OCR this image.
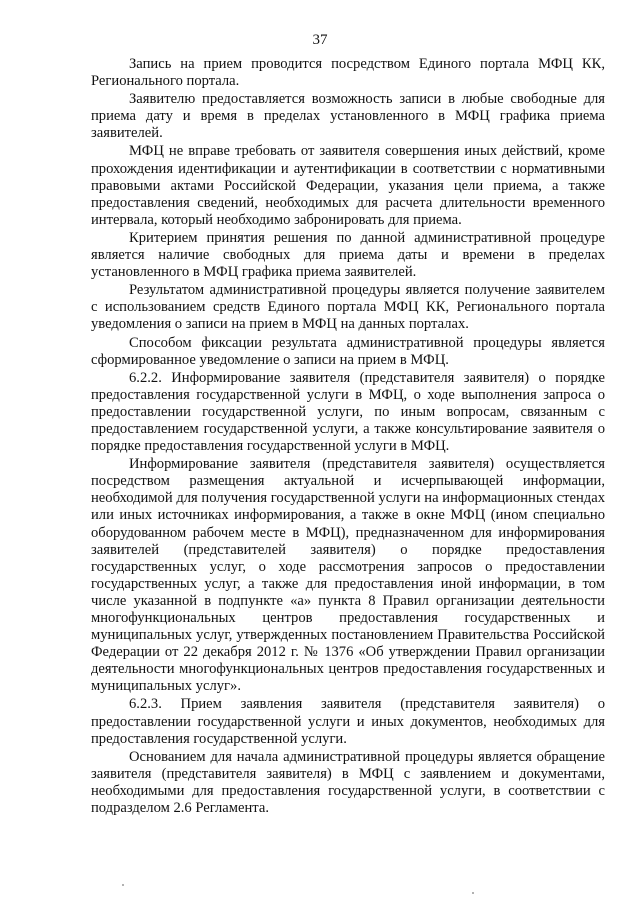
37

Запись на прием проводится посредством Единого портала МФЦ КК, Регионального портала.

Заявителю предоставляется возможность записи в любые свободные для приема дату и время в пределах установленного в МФЦ графика приема заявителей.

МФЦ не вправе требовать от заявителя совершения иных действий, кроме прохождения идентификации и аутентификации в соответствии с нормативными правовыми актами Российской Федерации, указания цели приема, а также предоставления сведений, необходимых для расчета длительности временного интервала, который необходимо забронировать для приема.

Критерием принятия решения по данной административной процедуре является наличие свободных для приема даты и времени в пределах установленного в МФЦ графика приема заявителей.

Результатом административной процедуры является получение заявителем с использованием средств Единого портала МФЦ КК, Регионального портала уведомления о записи на прием в МФЦ на данных порталах.

Способом фиксации результата административной процедуры является сформированное уведомление о записи на прием в МФЦ.

6.2.2. Информирование заявителя (представителя заявителя) о порядке предоставления государственной услуги в МФЦ, о ходе выполнения запроса о предоставлении государственной услуги, по иным вопросам, связанным с предоставлением государственной услуги, а также консультирование заявителя о порядке предоставления государственной услуги в МФЦ.

Информирование заявителя (представителя заявителя) осуществляется посредством размещения актуальной и исчерпывающей информации, необходимой для получения государственной услуги на информационных стендах или иных источниках информирования, а также в окне МФЦ (ином специально оборудованном рабочем месте в МФЦ), предназначенном для информирования заявителей (представителей заявителя) о порядке предоставления государственных услуг, о ходе рассмотрения запросов о предоставлении государственных услуг, а также для предоставления иной информации, в том числе указанной в подпункте «а» пункта 8 Правил организации деятельности многофункциональных центров предоставления государственных и муниципальных услуг, утвержденных постановлением Правительства Российской Федерации от 22 декабря 2012 г. № 1376 «Об утверждении Правил организации деятельности многофункциональных центров предоставления государственных и муниципальных услуг».

6.2.3. Прием заявления заявителя (представителя заявителя) о предоставлении государственной услуги и иных документов, необходимых для предоставления государственной услуги.

Основанием для начала административной процедуры является обращение заявителя (представителя заявителя) в МФЦ с заявлением и документами, необходимыми для предоставления государственной услуги, в соответствии с подразделом 2.6 Регламента.
